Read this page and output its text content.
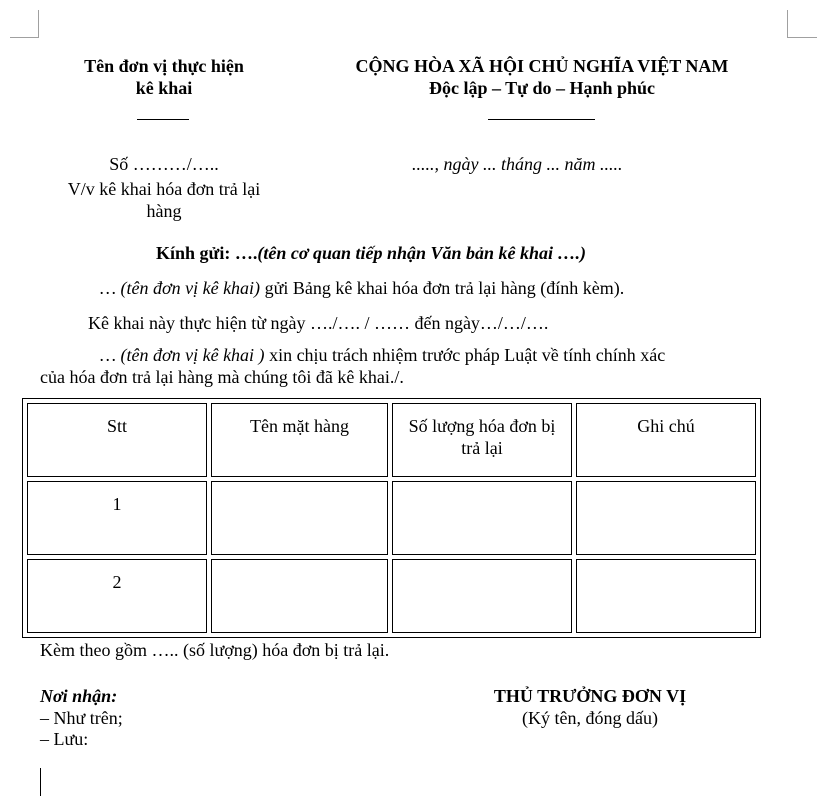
Tên đơn vị thực hiện
kê khai
CỘNG HÒA XÃ HỘI CHỦ NGHĨA VIỆT NAM
Độc lập – Tự do – Hạnh phúc
Số ………/…..
V/v kê khai hóa đơn trả lại
hàng
....., ngày ... tháng ... năm .....
Kính gửi: ….(tên cơ quan tiếp nhận Văn bản kê khai ….)
… (tên đơn vị kê khai) gửi Bảng kê khai hóa đơn trả lại hàng (đính kèm).
Kê khai này thực hiện từ ngày …./…. / …… đến ngày…/…/….
… (tên đơn vị kê khai ) xin chịu trách nhiệm trước pháp Luật về tính chính xác
của hóa đơn trả lại hàng mà chúng tôi đã kê khai./.
Stt	Tên mặt hàng	Số lượng hóa đơn bị trả lại	Ghi chú
1			
2			
Kèm theo gồm ….. (số lượng) hóa đơn bị trả lại.
Nơi nhận:
– Như trên;
– Lưu:
THỦ TRƯỞNG ĐƠN VỊ
(Ký tên, đóng dấu)
